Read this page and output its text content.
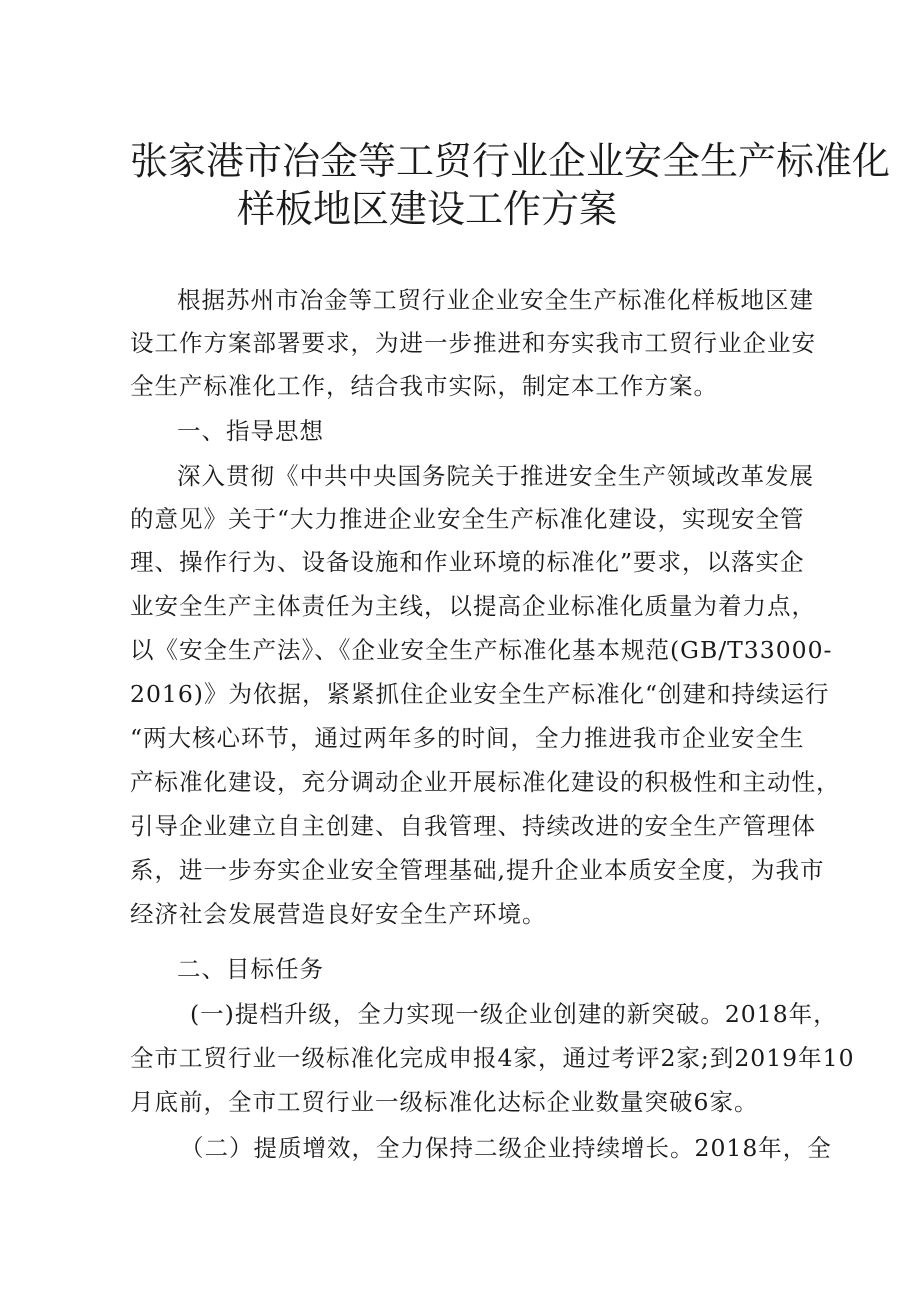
张家港市冶金等工贸行业企业安全生产标准化
样板地区建设工作方案
根据苏州市冶金等工贸行业企业安全生产标准化样板地区建
设工作方案部署要求，为进一步推进和夯实我市工贸行业企业安
全生产标准化工作，结合我市实际，制定本工作方案。
一、指导思想
深入贯彻《中共中央国务院关于推进安全生产领域改革发展
的意见》关于“大力推进企业安全生产标准化建设，实现安全管
理、操作行为、设备设施和作业环境的标准化”要求，以落实企
业安全生产主体责任为主线，以提高企业标准化质量为着力点，
以《安全生产法》、《企业安全生产标准化基本规范(GB/T33000-
2016)》为依据，紧紧抓住企业安全生产标准化“创建和持续运行
“两大核心环节，通过两年多的时间，全力推进我市企业安全生
产标准化建设，充分调动企业开展标准化建设的积极性和主动性，
引导企业建立自主创建、自我管理、持续改进的安全生产管理体
系，进一步夯实企业安全管理基础,提升企业本质安全度，为我市
经济社会发展营造良好安全生产环境。
二、目标任务
(一)提档升级，全力实现一级企业创建的新突破。2018年，
全市工贸行业一级标准化完成申报4家，通过考评2家;到2019年10
月底前，全市工贸行业一级标准化达标企业数量突破6家。
（二）提质增效，全力保持二级企业持续增长。2018年，全
